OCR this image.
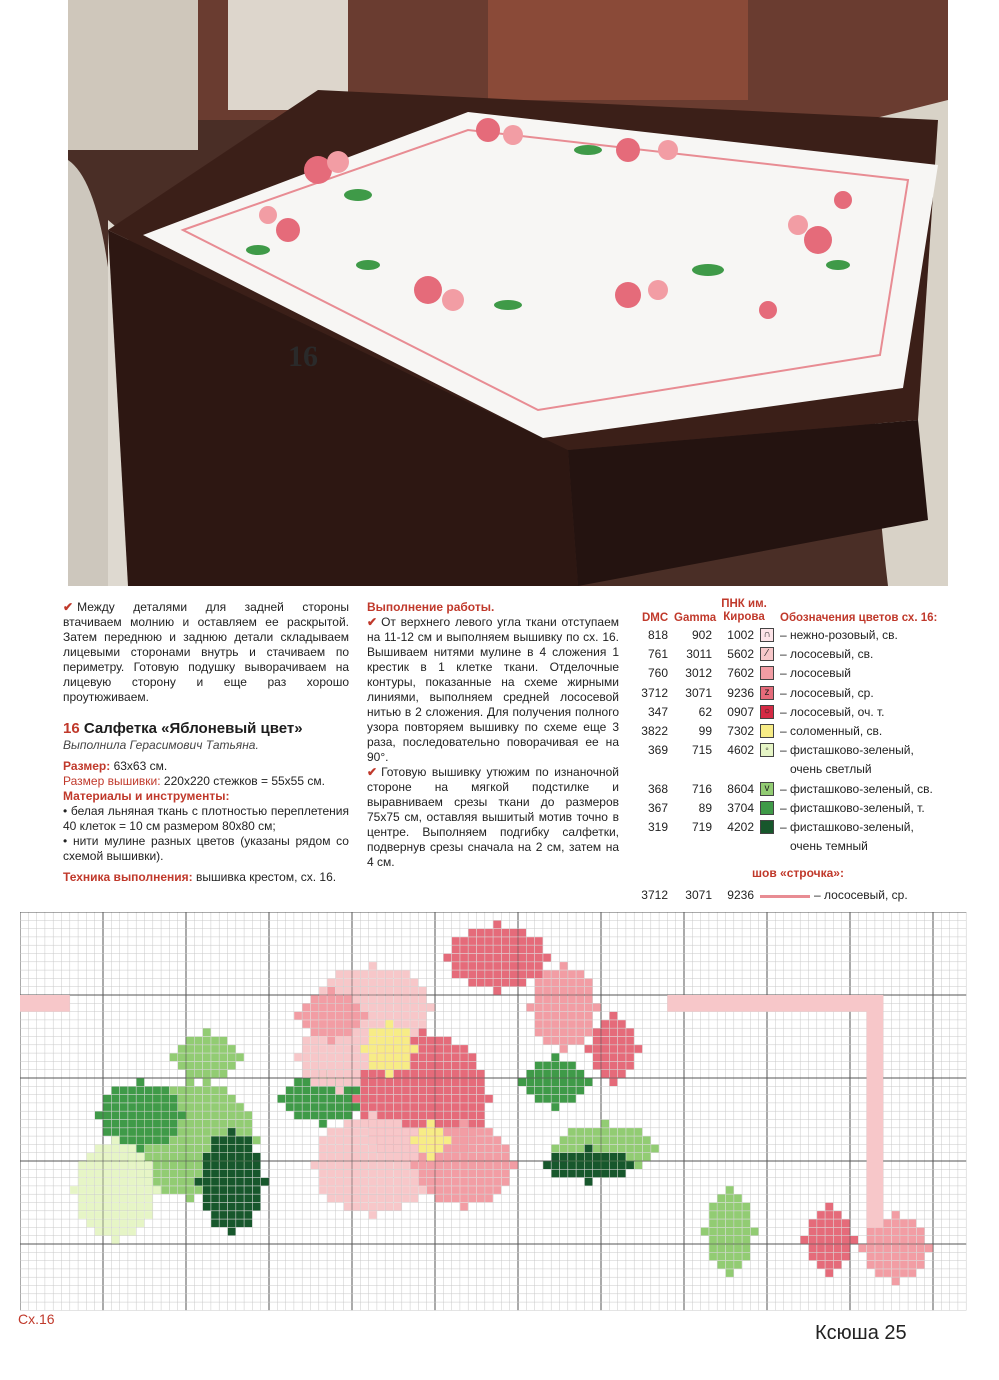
16

✔ Между деталями для задней стороны втачиваем молнию и оставляем ее раскрытой. Затем переднюю и заднюю детали складываем лицевыми сторонами внутрь и стачиваем по периметру. Готовую подушку выворачиваем на лицевую сторону и еще раз хорошо проутюживаем.

16 Салфетка «Яблоневый цвет»
Выполнила Герасимович Татьяна.
Размер: 63х63 см.
Размер вышивки: 220х220 стежков = 55х55 см.
Материалы и инструменты:

• белая льняная ткань с плотностью переплетения 40 клеток = 10 см размером 80х80 см;

• нити мулине разных цветов (указаны рядом со схемой вышивки).

Техника выполнения: вышивка крестом, сх. 16.
Выполнение работы.

✔ От верхнего левого угла ткани отступаем на 11-12 см и выполняем вышивку по сх. 16. Вышиваем нитями мулине в 4 сложения 1 крестик в 1 клетке ткани. Отделочные контуры, показанные на схеме жирными линиями, выполняем средней лососевой нитью в 2 сложения. Для получения полного узора повторяем вышивку по схеме еще 3 раза, последовательно поворачивая ее на 90°.

✔ Готовую вышивку утюжим по изнаночной стороне на мягкой подстилке и выравниваем срезы ткани до размеров 75х75 см, оставляя вышитый мотив точно в центре. Выполняем подгибку салфетки, подвернув срезы сначала на 2 см, затем на 4 см.

DMC Gamma
ПНК им. Кирова	Обозначения цветов сх. 16:
818	902	1002 ∩ – нежно-розовый, св.
761	3011	5602	⁄	– лососевый, св.
760	3012	7602 – лососевый
3712	3071	9236	z – лососевый, ср.
347	62	0907 ○ – лососевый, оч. т.
3822	99	7302 – соломенный, св.
369	715	4602	◦ – фисташково-зеленый,
очень светлый
368	716	8604	v – фисташково-зеленый, св.
367	89	3704 – фисташково-зеленый, т.
319	719	4202 – фисташково-зеленый,
очень темный
шов «строчка»:
3712	3071	9236	– лососевый, ср.
Сх.16
Ксюша 25
